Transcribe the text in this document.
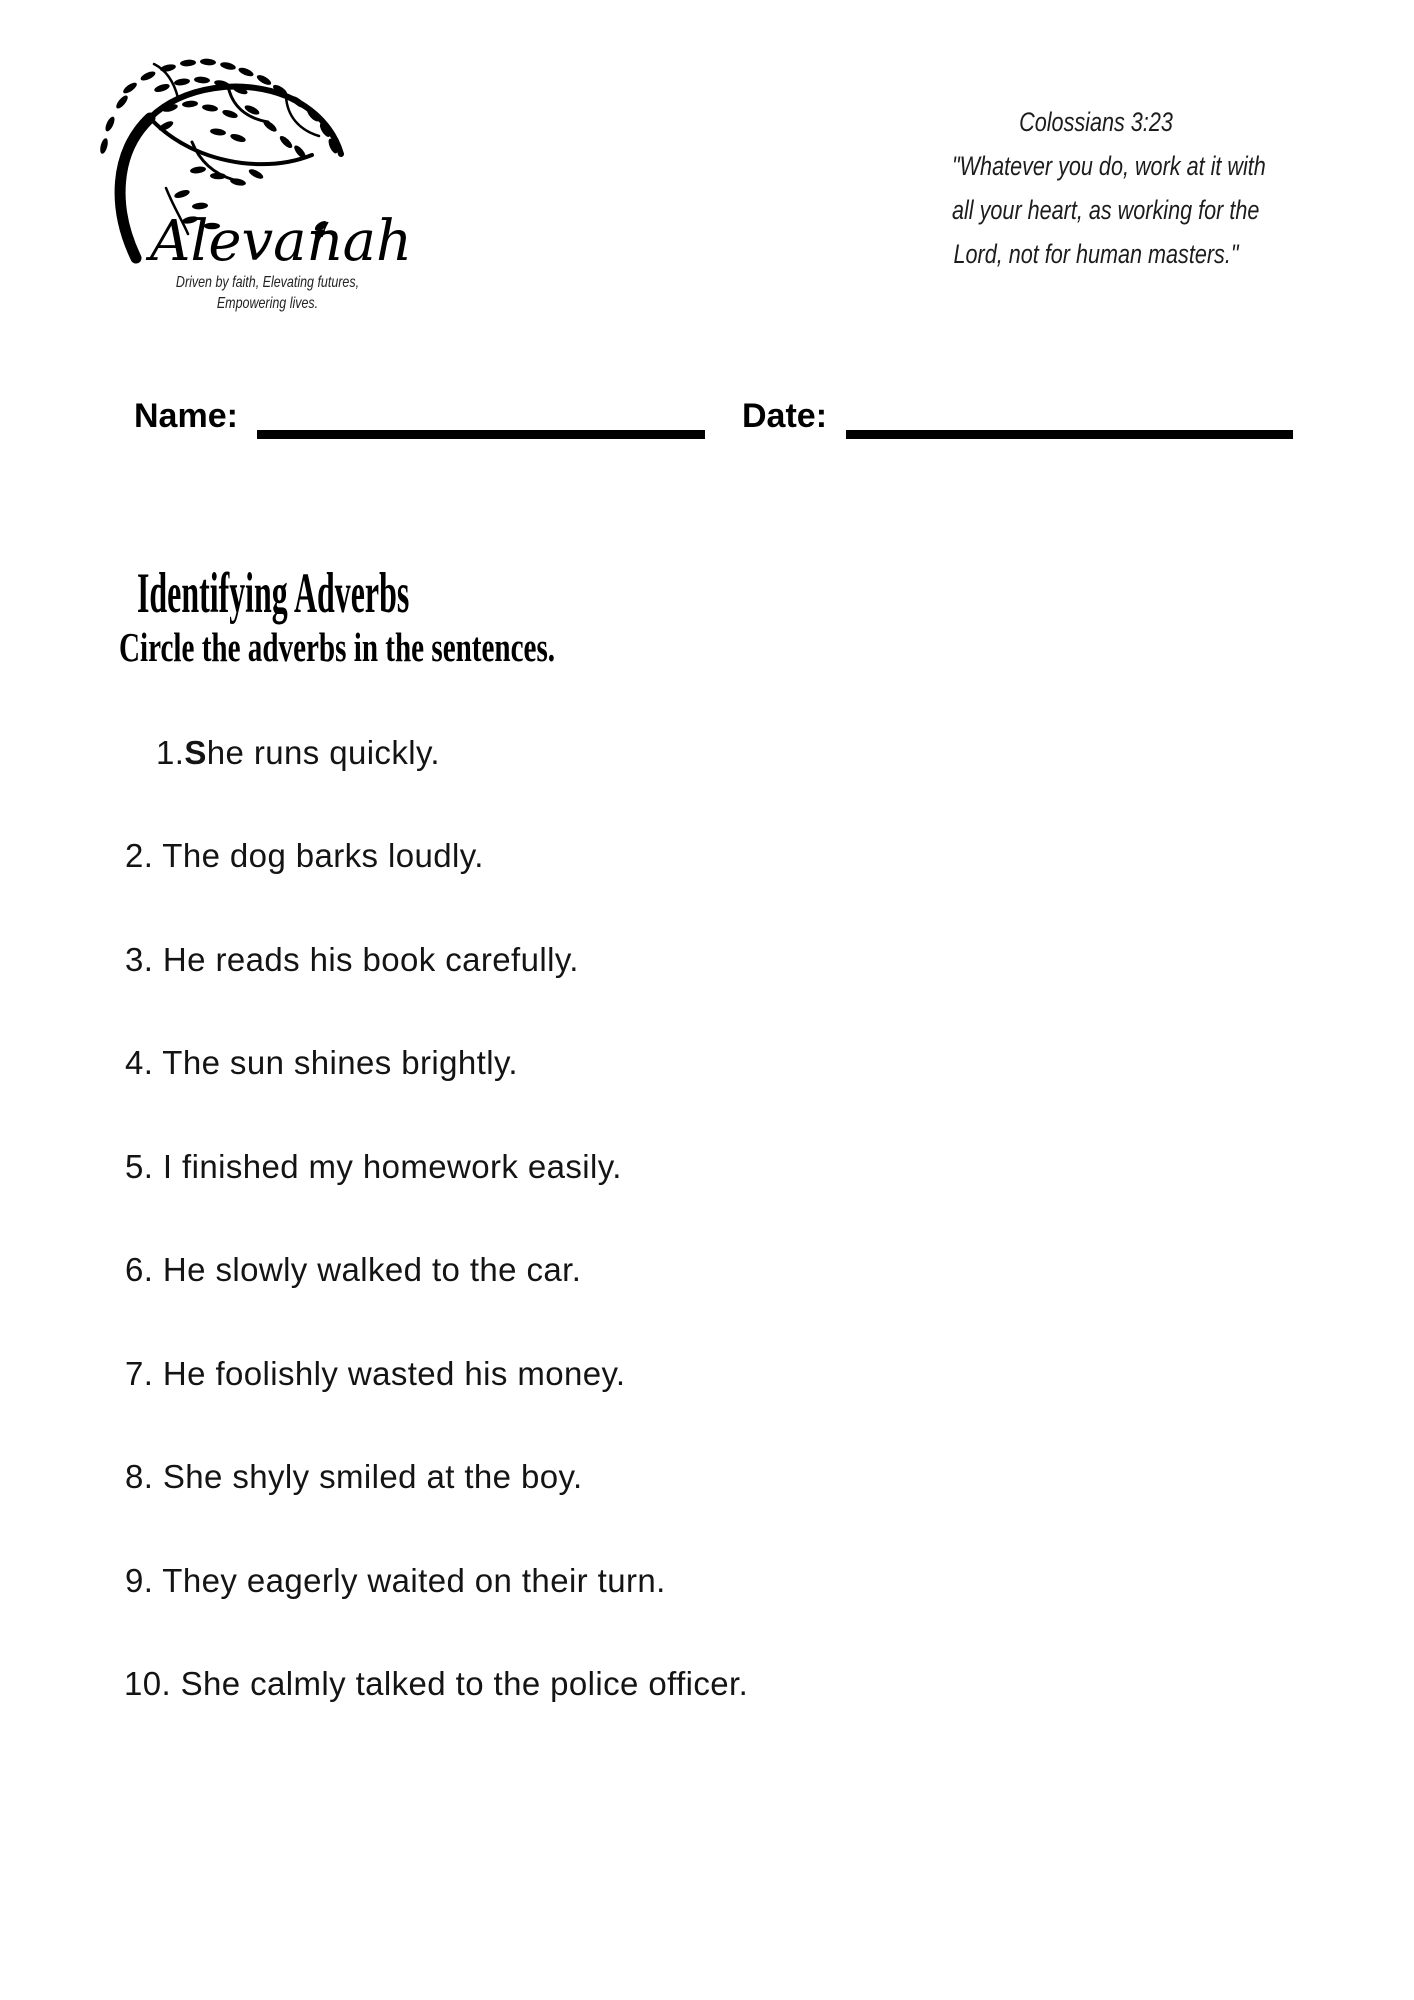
Alevanah
Driven by faith, Elevating futures,
Empowering lives.
Colossians 3:23
"Whatever you do, work at it with
all your heart, as working for the
Lord, not for human masters."
Name:	Date:
Identifying Adverbs
Circle the adverbs in the sentences.
1.She runs quickly.
2. The dog barks loudly.
3. He reads his book carefully.
4. The sun shines brightly.
5. I finished my homework easily.
6. He slowly walked to the car.
7. He foolishly wasted his money.
8. She shyly smiled at the boy.
9. They eagerly waited on their turn.
10. She calmly talked to the police officer.
